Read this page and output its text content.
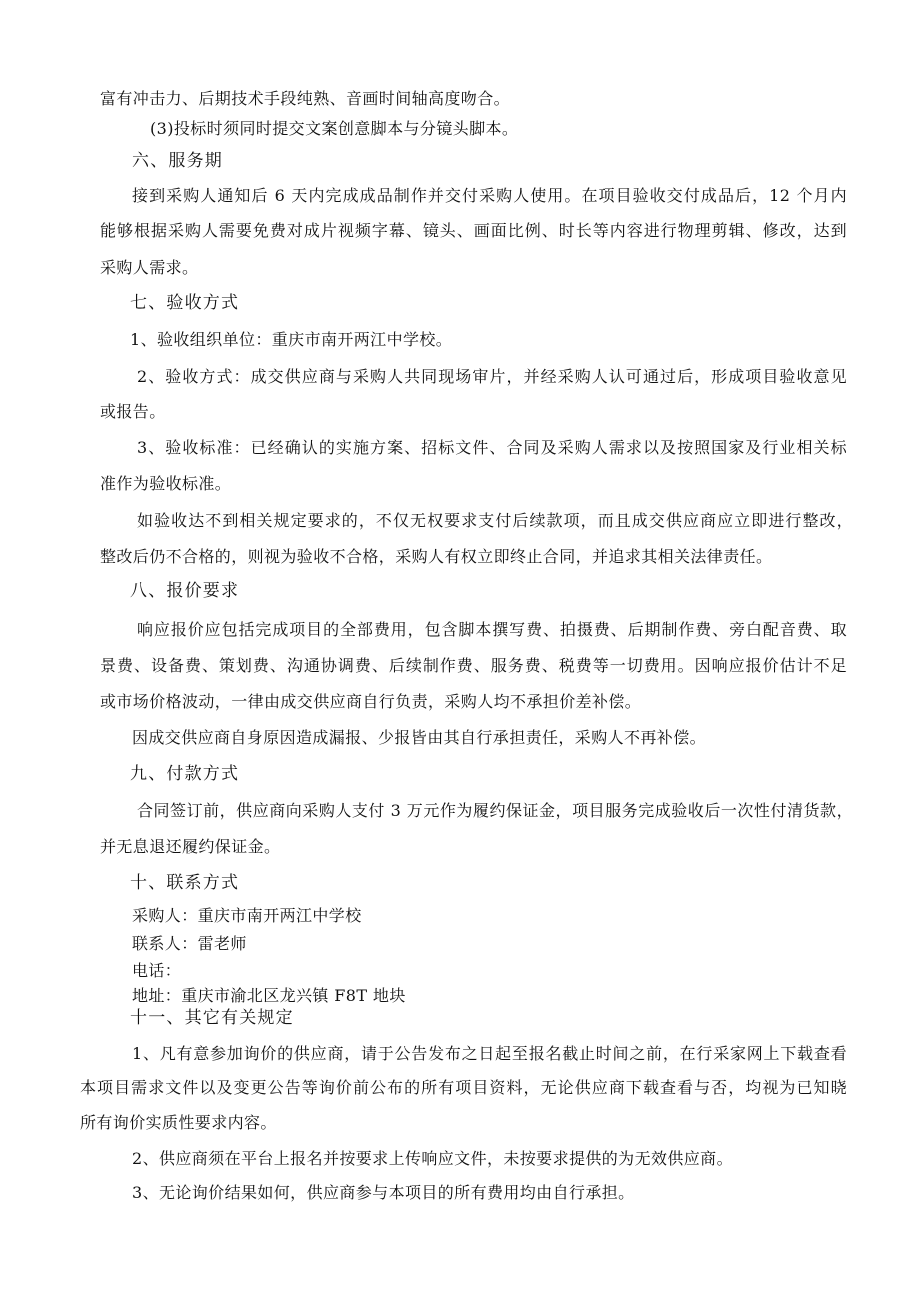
富有冲击力、后期技术手段纯熟、音画时间轴高度吻合。
(3)投标时须同时提交文案创意脚本与分镜头脚本。
六、服务期
接到采购人通知后 6 天内完成成品制作并交付采购人使用。在项目验收交付成品后，12 个月内
能够根据采购人需要免费对成片视频字幕、镜头、画面比例、时长等内容进行物理剪辑、修改，达到
采购人需求。
七、验收方式
1、验收组织单位：重庆市南开两江中学校。
2、验收方式：成交供应商与采购人共同现场审片，并经采购人认可通过后，形成项目验收意见
或报告。
3、验收标准：已经确认的实施方案、招标文件、合同及采购人需求以及按照国家及行业相关标
准作为验收标准。
如验收达不到相关规定要求的，不仅无权要求支付后续款项，而且成交供应商应立即进行整改，
整改后仍不合格的，则视为验收不合格，采购人有权立即终止合同，并追求其相关法律责任。
八、报价要求
响应报价应包括完成项目的全部费用，包含脚本撰写费、拍摄费、后期制作费、旁白配音费、取
景费、设备费、策划费、沟通协调费、后续制作费、服务费、税费等一切费用。因响应报价估计不足
或市场价格波动，一律由成交供应商自行负责，采购人均不承担价差补偿。
因成交供应商自身原因造成漏报、少报皆由其自行承担责任，采购人不再补偿。
九、付款方式
合同签订前，供应商向采购人支付 3 万元作为履约保证金，项目服务完成验收后一次性付清货款，
并无息退还履约保证金。
十、联系方式
采购人：重庆市南开两江中学校
联系人：雷老师
电话：
地址：重庆市渝北区龙兴镇 F8T 地块
十一、其它有关规定
1、凡有意参加询价的供应商，请于公告发布之日起至报名截止时间之前，在行采家网上下载查看
本项目需求文件以及变更公告等询价前公布的所有项目资料，无论供应商下载查看与否，均视为已知晓
所有询价实质性要求内容。
2、供应商须在平台上报名并按要求上传响应文件，未按要求提供的为无效供应商。
3、无论询价结果如何，供应商参与本项目的所有费用均由自行承担。
